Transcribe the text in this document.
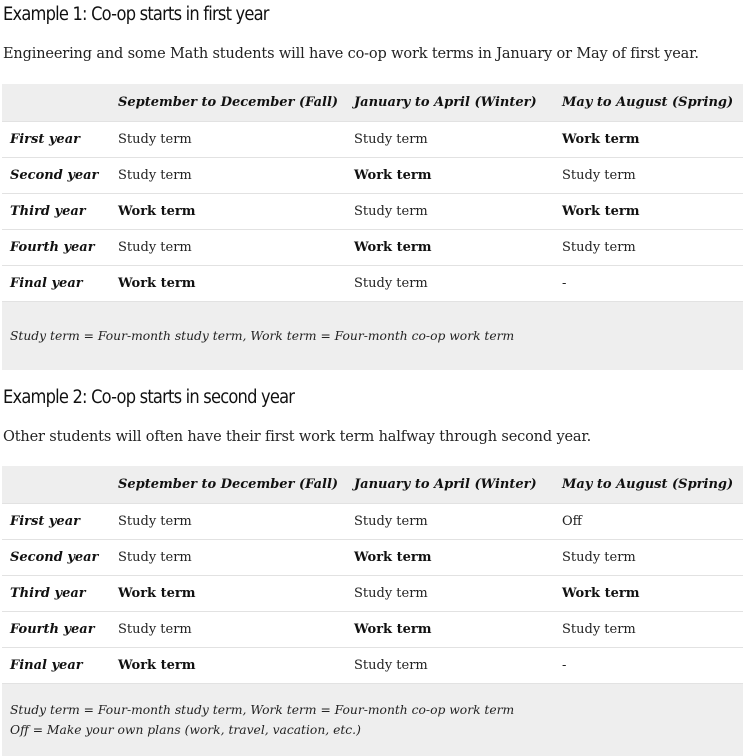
Example 1: Co-op starts in first year

Engineering and some Math students will have co-op work terms in January or May of first year.

	September to December (Fall)	January to April (Winter)	May to August (Spring)
First year	Study term	Study term	Work term
Second year	Study term	Work term	Study term
Third year	Work term	Study term	Work term
Fourth year	Study term	Work term	Study term
Final year	Work term	Study term	-

Study term = Four-month study term, Work term = Four-month co-op work term			
Example 2: Co-op starts in second year

Other students will often have their first work term halfway through second year.

	September to December (Fall)	January to April (Winter)	May to August (Spring)
First year	Study term	Study term	Off
Second year	Study term	Work term	Study term
Third year	Work term	Study term	Work term
Fourth year	Study term	Work term	Study term
Final year	Work term	Study term	-

Study term = Four-month study term, Work term = Four-month co-op work term
Off = Make your own plans (work, travel, vacation, etc.)			
